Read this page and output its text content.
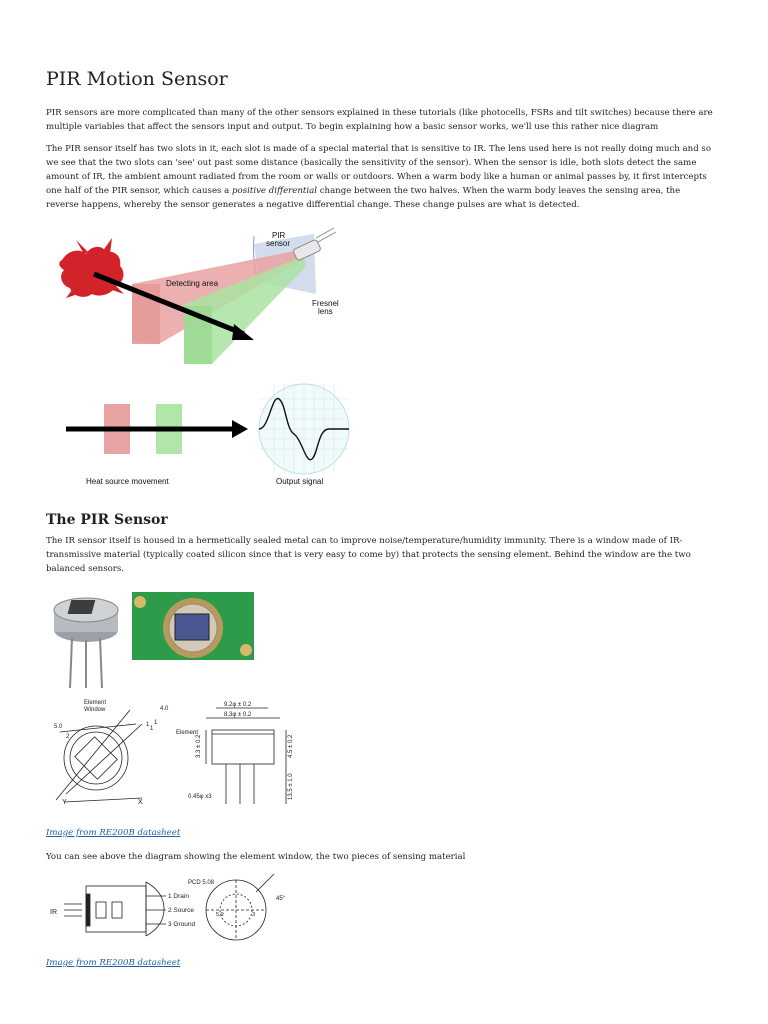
PIR Motion Sensor

PIR sensors are more complicated than many of the other sensors explained in these tutorials (like photocells, FSRs and tilt switches) because there are multiple variables that affect the sensors input and output. To begin explaining how a basic sensor works, we'll use this rather nice diagram

The PIR sensor itself has two slots in it, each slot is made of a special material that is sensitive to IR. The lens used here is not really doing much and so we see that the two slots can 'see' out past some distance (basically the sensitivity of the sensor). When the sensor is idle, both slots detect the same amount of IR, the ambient amount radiated from the room or walls or outdoors. When a warm body like a human or animal passes by, it first intercepts one half of the PIR sensor, which causes a positive differential change between the two halves. When the warm body leaves the sensing area, the reverse happens, whereby the sensor generates a negative differential change. These change pulses are what is detected.

PIR
sensor
Detecting area
Fresnel
lens
Heat source movement	Output signal
The PIR Sensor

The IR sensor itself is housed in a hermetically sealed metal can to improve noise/temperature/humidity immunity. There is a window made of IR-transmissive material (typically coated silicon since that is very easy to come by) that protects the sensing element. Behind the window are the two balanced sensors.

Element
Window	4.0
5.0
2
1
1
1
9.2φ ± 0.2
8.3φ ± 0.2
Element
0.45φ x3
3.3 ± 0.2	4.5 ± 0.2
13.5 ± 1.0
Y	X
Image from RE200B datasheet

You can see above the diagram showing the element window, the two pieces of sensing material

IR
1 Drain
2 Source
3 Ground
PCD 5.08
45°
5.9	3
Image from RE200B datasheet
